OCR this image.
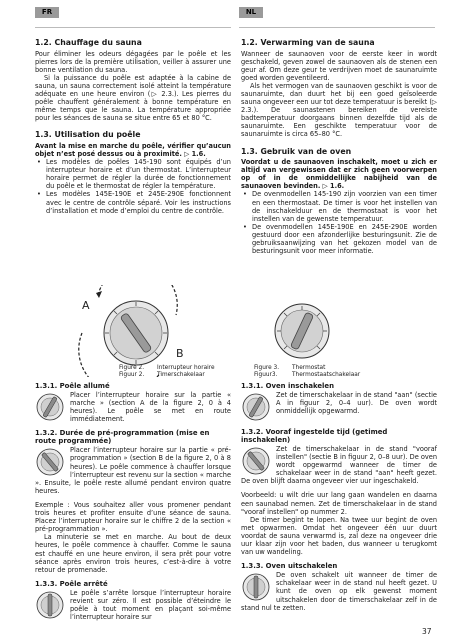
FR	NL
1.2. Chauffage du sauna

Pour éliminer les odeurs dégagées par le poêle et les pierres lors de la première utilisation, veiller à assurer une bonne ventilation du sauna.

Si la puissance du poêle est adaptée à la cabine de sauna, un sauna correctement isolé atteint la température adéquate en une heure environ (▷ 2.3.). Les pierres du poêle chauffent généralement à bonne température en même temps que le sauna. La température appropriée pour les séances de sauna se situe entre 65 et 80 °C.

1.3. Utilisation du poêle

Avant la mise en marche du poêle, vérifier qu’aucun objet n’est posé dessus ou à proximité. ▷ 1.6.

• Les modèles de poêles 145-190 sont équipés d’un interrupteur horaire et d’un thermostat. L’interrupteur horaire permet de régler la durée de fonctionnement du poêle et le thermostat de régler la température.
• Les modèles 145E-190E et 245E-290E fonctionnent avec le centre de contrôle séparé. Voir les instructions d’installation et mode d’emploi du centre de contrôle.
1.2. Verwarming van de sauna

Wanneer de saunaoven voor de eerste keer in wordt geschakeld, geven zowel de saunaoven als de stenen een geur af. Om deze geur te verdrijven moet de saunaruimte goed worden geventileerd.

Als het vermogen van de saunaoven geschikt is voor de saunaruimte, dan duurt het bij een goed geïsoleerde sauna ongeveer een uur tot deze temperatuur is bereikt (▷ 2.3.). De saunastenen bereiken de vereiste badtemperatuur doorgaans binnen dezelfde tijd als de saunaruimte. Een geschikte temperatuur voor de saunaruimte is circa 65–80 °C.

1.3. Gebruik van de oven

Voordat u de saunaoven inschakelt, moet u zich er altijd van vergewissen dat er zich geen voorwerpen op of in de onmiddellijke nabijheid van de saunaoven bevinden. ▷ 1.6.

• De ovenmodellen 145-190 zijn voorzien van een timer en een thermostaat. De timer is voor het instellen van de inschakelduur en de thermostaat is voor het instellen van de gewenste temperatuur.
• De ovenmodellen 145E-190E en 245E-290E worden gestuurd door een afzonderlijke besturingsunit. Zie de gebruiksaanwijzing van het gekozen model van de besturingsunit voor meer informatie.
A
B
Figure 2. Interrupteur horaire
Figuur 2. Timerschakelaar
Figure 3. Thermostat
Figuur3.	Thermostaatschakelaar
1.3.1. Poêle allumé

Placer l’interrupteur horaire sur la partie « marche » (section A de la figure 2, 0 à 4 heures). Le poêle se met en route immédiatement.

1.3.2. Durée de pré-programmation (mise en route programmée)

Placer l’interrupteur horaire sur la partie « pré-programmation » (section B de la figure 2, 0 à 8 heures). Le poêle commence à chauffer lorsque l’interrupteur est revenu sur la section « marche ». Ensuite, le poêle reste allumé pendant environ quatre heures.

Exemple : Vous souhaitez aller vous promener pendant trois heures et profiter ensuite d’une séance de sauna. Placez l’interrupteur horaire sur le chiffre 2 de la section « pré-programmation ».

La minuterie se met en marche. Au bout de deux heures, le poêle commence à chauffer. Comme le sauna est chauffé en une heure environ, il sera prêt pour votre séance après environ trois heures, c’est-à-dire à votre retour de promenade.

1.3.3. Poêle arrêté

Le poêle s’arrête lorsque l’interrupteur horaire revient sur zéro. Il est possible d’éteindre le poêle à tout moment en plaçant soi-même l’interrupteur horaire sur

1.3.1. Oven inschakelen

Zet de timerschakelaar in de stand "aan" (sectie A in figuur 2, 0–4 uur). De oven wordt onmiddellijk opgewarmd.

1.3.2. Vooraf ingestelde tijd (getimed inschakelen)

Zet de timerschakelaar in de stand "vooraf instellen" (sectie B in figuur 2, 0–8 uur). De oven wordt opgewarmd wanneer de timer de schakelaar weer in de stand "aan" heeft gezet. De oven blijft daarna ongeveer vier uur ingeschakeld.

Voorbeeld: u wilt drie uur lang gaan wandelen en daarna een saunabad nemen. Zet de timerschakelaar in de stand "vooraf instellen" op nummer 2.

De timer begint te lopen. Na twee uur begint de oven met opwarmen. Omdat het ongeveer één uur duurt voordat de sauna verwarmd is, zal deze na ongeveer drie uur klaar zijn voor het baden, dus wanneer u terugkomt van uw wandeling.

1.3.3. Oven uitschakelen

De oven schakelt uit wanneer de timer de schakelaar weer in de stand nul heeft gezet. U kunt de oven op elk gewenst moment uitschakelen door de timerschakelaar zelf in de stand nul te zetten.

37
